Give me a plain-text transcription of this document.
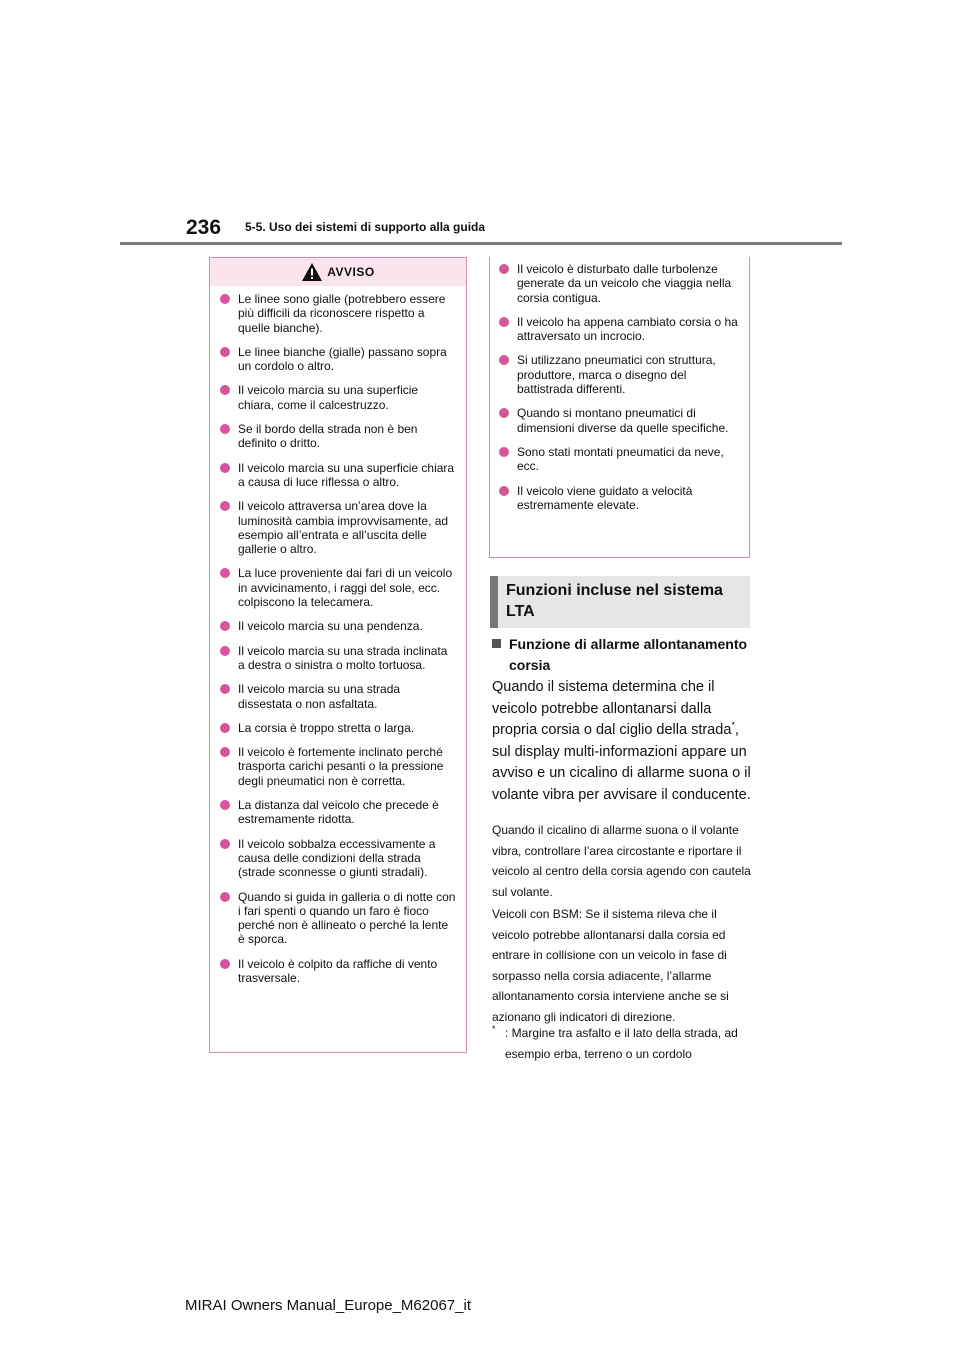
236 5-5. Uso dei sistemi di supporto alla guida
AVVISO
Le linee sono gialle (potrebbero essere più difficili da riconoscere rispetto a quelle bianche).
Le linee bianche (gialle) passano sopra un cordolo o altro.
Il veicolo marcia su una superficie chiara, come il calcestruzzo.
Se il bordo della strada non è ben definito o dritto.
Il veicolo marcia su una superficie chiara a causa di luce riflessa o altro.
Il veicolo attraversa un’area dove la luminosità cambia improvvisamente, ad esempio all’entrata e all’uscita delle gallerie o altro.
La luce proveniente dai fari di un veicolo in avvicinamento, i raggi del sole, ecc. colpiscono la telecamera.
Il veicolo marcia su una pendenza.
Il veicolo marcia su una strada inclinata a destra o sinistra o molto tortuosa.
Il veicolo marcia su una strada dissestata o non asfaltata.
La corsia è troppo stretta o larga.
Il veicolo è fortemente inclinato perché trasporta carichi pesanti o la pressione degli pneumatici non è corretta.
La distanza dal veicolo che precede è estremamente ridotta.
Il veicolo sobbalza eccessivamente a causa delle condizioni della strada (strade sconnesse o giunti stradali).
Quando si guida in galleria o di notte con i fari spenti o quando un faro è fioco perché non è allineato o perché la lente è sporca.
Il veicolo è colpito da raffiche di vento trasversale.
Il veicolo è disturbato dalle turbolenze generate da un veicolo che viaggia nella corsia contigua.
Il veicolo ha appena cambiato corsia o ha attraversato un incrocio.
Si utilizzano pneumatici con struttura, produttore, marca o disegno del battistrada differenti.
Quando si montano pneumatici di dimensioni diverse da quelle specifiche.
Sono stati montati pneumatici da neve, ecc.
Il veicolo viene guidato a velocità estremamente elevate.
Funzioni incluse nel sistema LTA
Funzione di allarme allontanamento corsia
Quando il sistema determina che il veicolo potrebbe allontanarsi dalla propria corsia o dal ciglio della strada*, sul display multi-informazioni appare un avviso e un cicalino di allarme suona o il volante vibra per avvisare il conducente.
Quando il cicalino di allarme suona o il volante vibra, controllare l’area circostante e riportare il veicolo al centro della corsia agendo con cautela sul volante.
Veicoli con BSM: Se il sistema rileva che il veicolo potrebbe allontanarsi dalla corsia ed entrare in collisione con un veicolo in fase di sorpasso nella corsia adiacente, l’allarme allontanamento corsia interviene anche se si azionano gli indicatori di direzione.
* : Margine tra asfalto e il lato della strada, ad esempio erba, terreno o un cordolo
MIRAI Owners Manual_Europe_M62067_it
